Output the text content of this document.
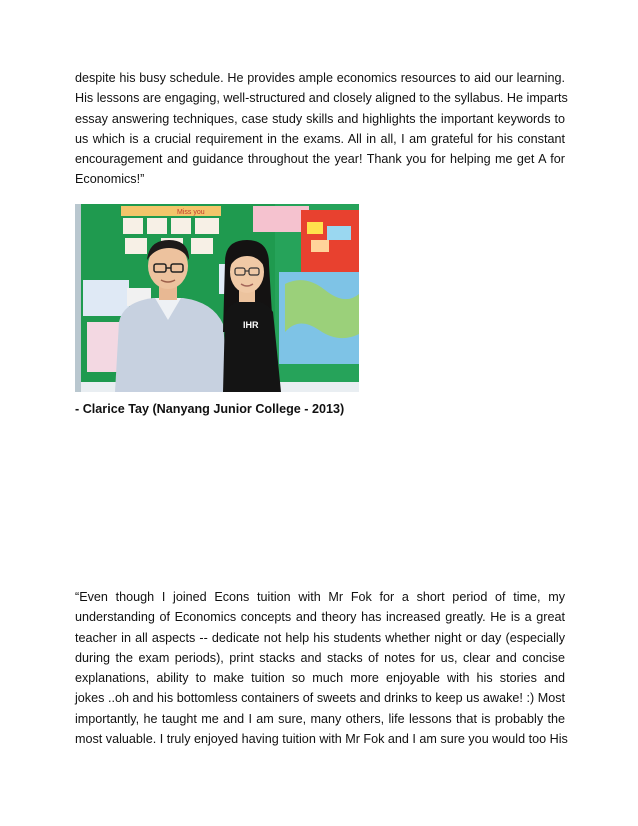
despite his busy schedule. He provides ample economics resources to aid our learning.
His lessons are engaging, well-structured and closely aligned to the syllabus. He imparts
essay answering techniques, case study skills and highlights the important keywords to
us which is a crucial requirement in the exams. All in all, I am grateful for his constant
encouragement and guidance throughout the year! Thank you for helping me get A for
Economics!”
Miss you
IHR

- Clarice Tay (Nanyang Junior College - 2013)

“Even though I joined Econs tuition with Mr Fok for a short period of time, my
understanding of Economics concepts and theory has increased greatly. He is a great
teacher in all aspects -- dedicate not help his students whether night or day (especially
during the exam periods), print stacks and stacks of notes for us, clear and concise
explanations, ability to make tuition so much more enjoyable with his stories and
jokes ..oh and his bottomless containers of sweets and drinks to keep us awake! :) Most
importantly, he taught me and I am sure, many others, life lessons that is probably the
most valuable. I truly enjoyed having tuition with Mr Fok and I am sure you would too His
